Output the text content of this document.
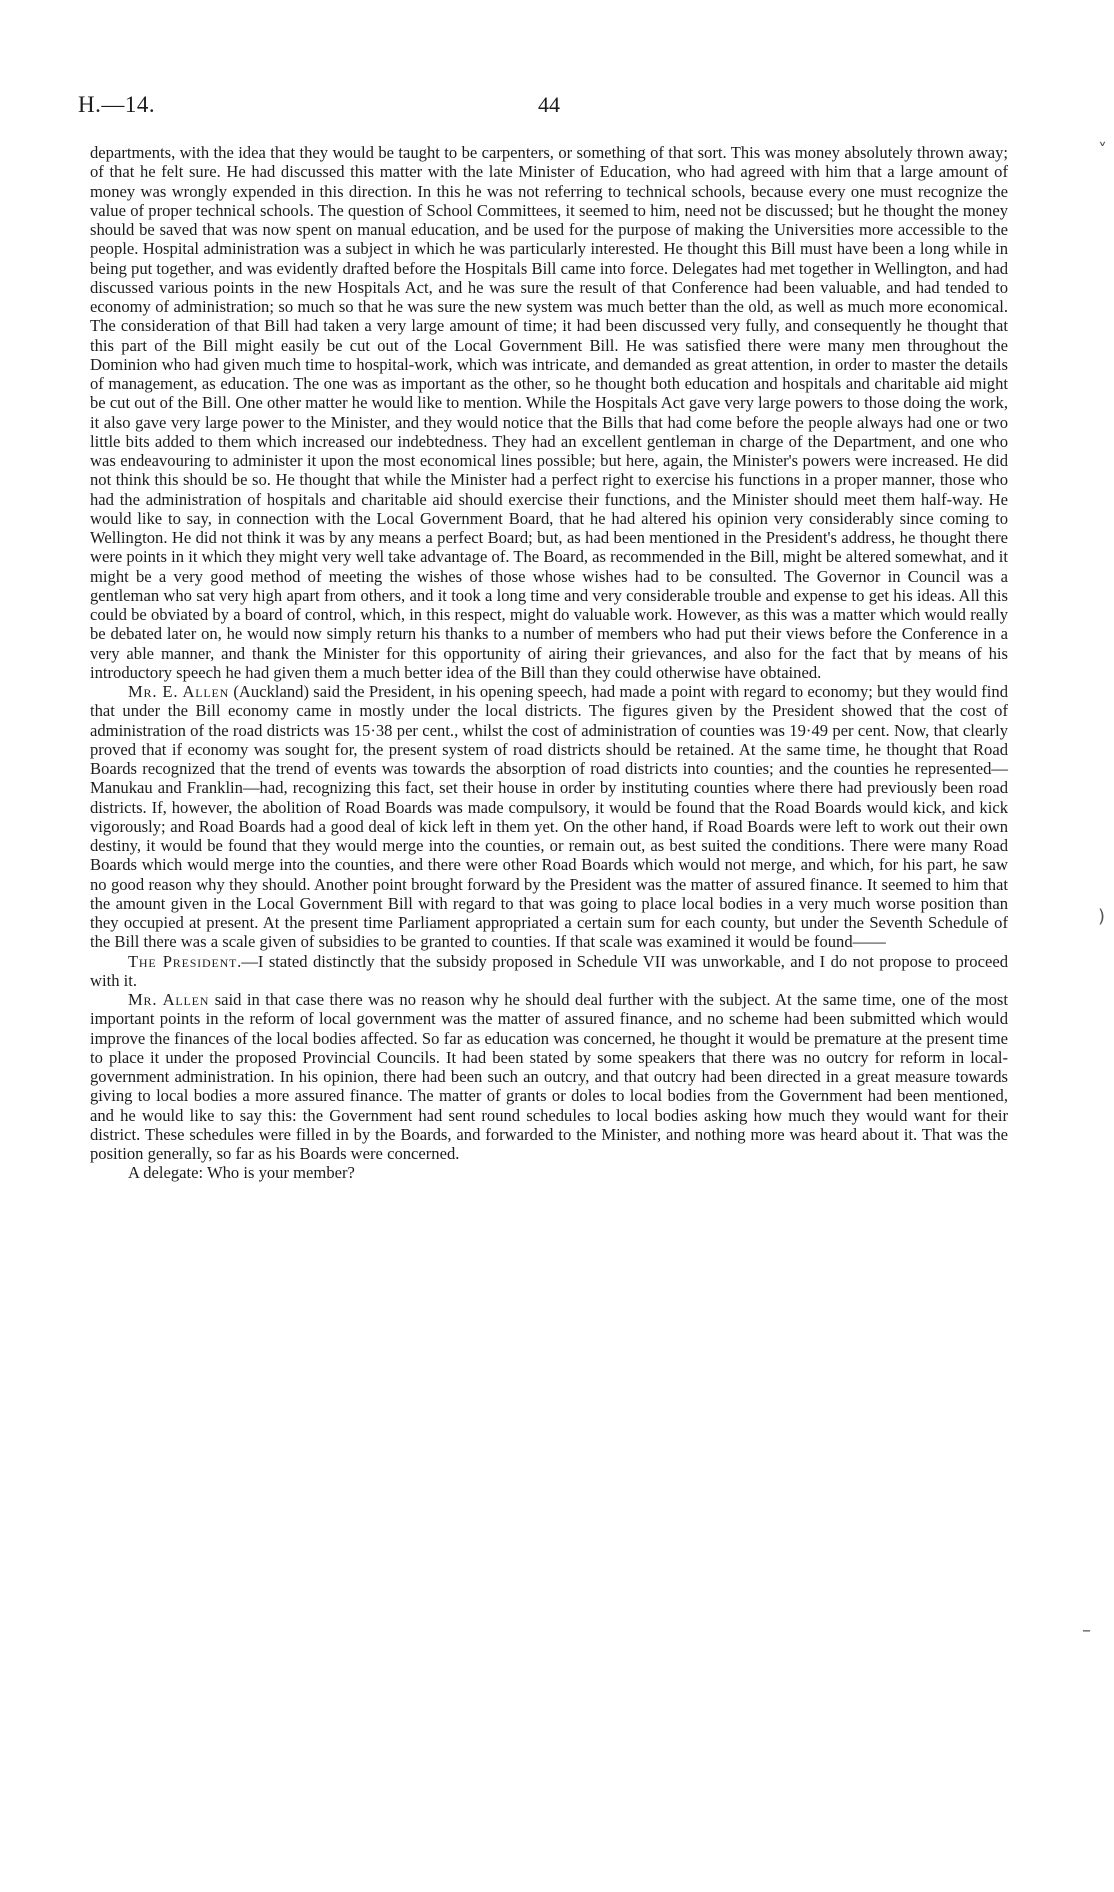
H.—14.	44

departments, with the idea that they would be taught to be carpenters, or something of that sort. This was money absolutely thrown away; of that he felt sure. He had discussed this matter with the late Minister of Education, who had agreed with him that a large amount of money was wrongly expended in this direction. In this he was not referring to technical schools, because every one must recognize the value of proper technical schools. The question of School Committees, it seemed to him, need not be discussed; but he thought the money should be saved that was now spent on manual education, and be used for the purpose of making the Universities more accessible to the people. Hospital administration was a subject in which he was particularly interested. He thought this Bill must have been a long while in being put together, and was evidently drafted before the Hospitals Bill came into force. Delegates had met together in Wellington, and had discussed various points in the new Hospitals Act, and he was sure the result of that Conference had been valuable, and had tended to economy of administration; so much so that he was sure the new system was much better than the old, as well as much more economical. The consideration of that Bill had taken a very large amount of time; it had been discussed very fully, and consequently he thought that this part of the Bill might easily be cut out of the Local Government Bill. He was satisfied there were many men throughout the Dominion who had given much time to hospital-work, which was intricate, and demanded as great attention, in order to master the details of management, as education. The one was as important as the other, so he thought both education and hospitals and charitable aid might be cut out of the Bill. One other matter he would like to mention. While the Hospitals Act gave very large powers to those doing the work, it also gave very large power to the Minister, and they would notice that the Bills that had come before the people always had one or two little bits added to them which increased our indebtedness. They had an excellent gentleman in charge of the Department, and one who was endeavouring to administer it upon the most economical lines possible; but here, again, the Minister's powers were increased. He did not think this should be so. He thought that while the Minister had a perfect right to exercise his functions in a proper manner, those who had the administration of hospitals and charitable aid should exercise their functions, and the Minister should meet them half-way. He would like to say, in connection with the Local Government Board, that he had altered his opinion very considerably since coming to Wellington. He did not think it was by any means a perfect Board; but, as had been mentioned in the President's address, he thought there were points in it which they might very well take advantage of. The Board, as recommended in the Bill, might be altered somewhat, and it might be a very good method of meeting the wishes of those whose wishes had to be consulted. The Governor in Council was a gentleman who sat very high apart from others, and it took a long time and very considerable trouble and expense to get his ideas. All this could be obviated by a board of control, which, in this respect, might do valuable work. However, as this was a matter which would really be debated later on, he would now simply return his thanks to a number of members who had put their views before the Conference in a very able manner, and thank the Minister for this opportunity of airing their grievances, and also for the fact that by means of his introductory speech he had given them a much better idea of the Bill than they could otherwise have obtained.

Mr. E. Allen (Auckland) said the President, in his opening speech, had made a point with regard to economy; but they would find that under the Bill economy came in mostly under the local districts. The figures given by the President showed that the cost of administration of the road districts was 15·38 per cent., whilst the cost of administration of counties was 19·49 per cent. Now, that clearly proved that if economy was sought for, the present system of road districts should be retained. At the same time, he thought that Road Boards recognized that the trend of events was towards the absorption of road districts into counties; and the counties he represented—Manukau and Franklin—had, recognizing this fact, set their house in order by instituting counties where there had previously been road districts. If, however, the abolition of Road Boards was made compulsory, it would be found that the Road Boards would kick, and kick vigorously; and Road Boards had a good deal of kick left in them yet. On the other hand, if Road Boards were left to work out their own destiny, it would be found that they would merge into the counties, or remain out, as best suited the conditions. There were many Road Boards which would merge into the counties, and there were other Road Boards which would not merge, and which, for his part, he saw no good reason why they should. Another point brought forward by the President was the matter of assured finance. It seemed to him that the amount given in the Local Government Bill with regard to that was going to place local bodies in a very much worse position than they occupied at present. At the present time Parliament appropriated a certain sum for each county, but under the Seventh Schedule of the Bill there was a scale given of subsidies to be granted to counties. If that scale was examined it would be found——

The President.—I stated distinctly that the subsidy proposed in Schedule VII was unworkable, and I do not propose to proceed with it.

Mr. Allen said in that case there was no reason why he should deal further with the subject. At the same time, one of the most important points in the reform of local government was the matter of assured finance, and no scheme had been submitted which would improve the finances of the local bodies affected. So far as education was concerned, he thought it would be premature at the present time to place it under the proposed Provincial Councils. It had been stated by some speakers that there was no outcry for reform in local-government administration. In his opinion, there had been such an outcry, and that outcry had been directed in a great measure towards giving to local bodies a more assured finance. The matter of grants or doles to local bodies from the Government had been mentioned, and he would like to say this: the Government had sent round schedules to local bodies asking how much they would want for their district. These schedules were filled in by the Boards, and forwarded to the Minister, and nothing more was heard about it. That was the position generally, so far as his Boards were concerned.

A delegate: Who is your member?

˅
)
–
